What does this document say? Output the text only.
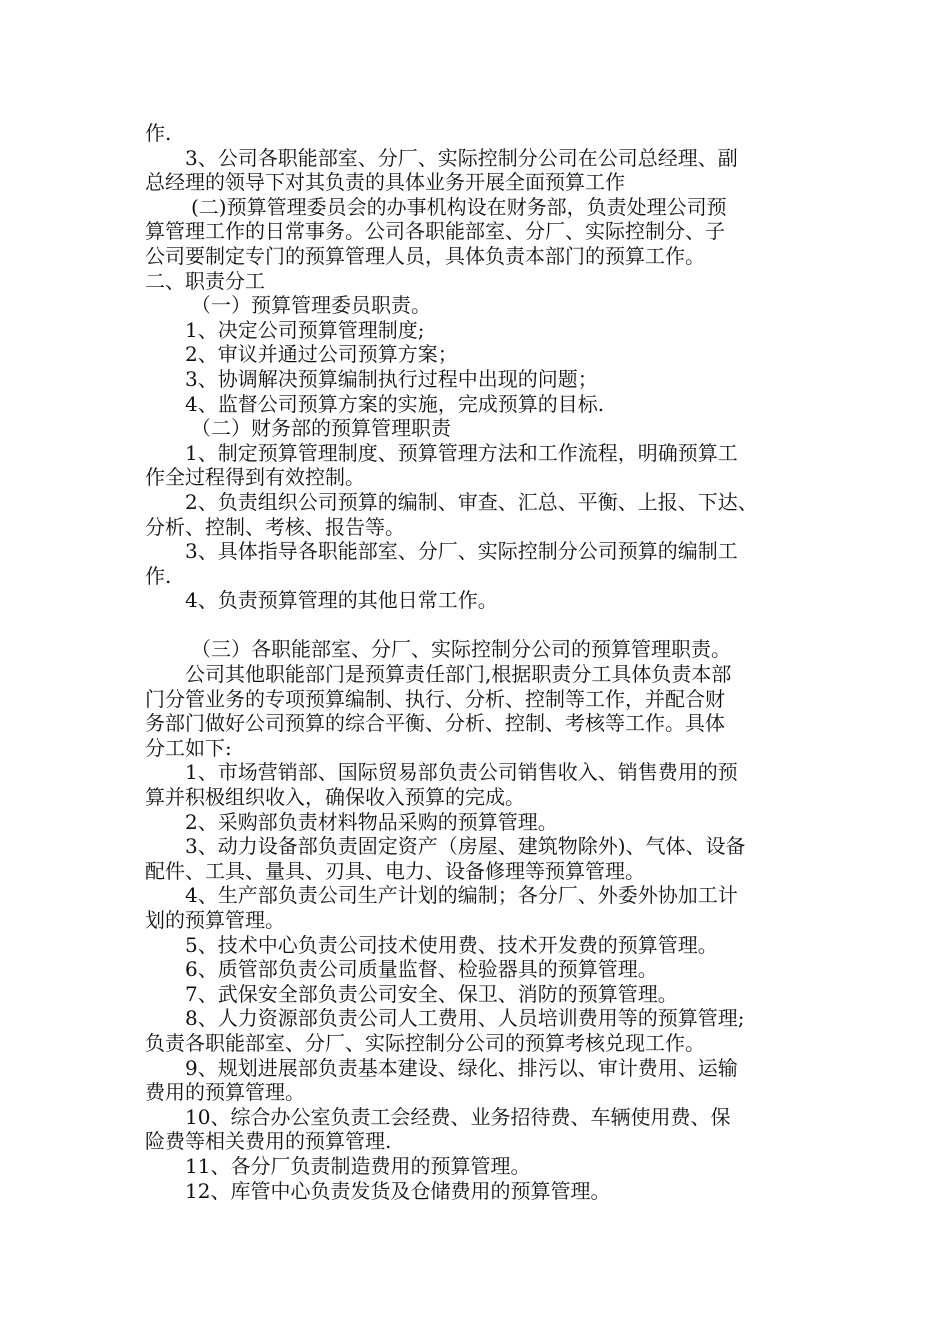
作.
3、公司各职能部室、分厂、实际控制分公司在公司总经理、副
总经理的领导下对其负责的具体业务开展全面预算工作
(二)预算管理委员会的办事机构设在财务部，负责处理公司预
算管理工作的日常事务。公司各职能部室、分厂、实际控制分、子
公司要制定专门的预算管理人员，具体负责本部门的预算工作。
二、职责分工
（一）预算管理委员职责。
1、决定公司预算管理制度;
2、审议并通过公司预算方案；
3、协调解决预算编制执行过程中出现的问题；
4、监督公司预算方案的实施，完成预算的目标.
（二）财务部的预算管理职责
1、制定预算管理制度、预算管理方法和工作流程，明确预算工
作全过程得到有效控制。
2、负责组织公司预算的编制、审查、汇总、平衡、上报、下达、
分析、控制、考核、报告等。
3、具体指导各职能部室、分厂、实际控制分公司预算的编制工
作.
4、负责预算管理的其他日常工作。
（三）各职能部室、分厂、实际控制分公司的预算管理职责。
公司其他职能部门是预算责任部门,根据职责分工具体负责本部
门分管业务的专项预算编制、执行、分析、控制等工作，并配合财
务部门做好公司预算的综合平衡、分析、控制、考核等工作。具体
分工如下:
1、市场营销部、国际贸易部负责公司销售收入、销售费用的预
算并积极组织收入，确保收入预算的完成。
2、采购部负责材料物品采购的预算管理。
3、动力设备部负责固定资产（房屋、建筑物除外)、气体、设备
配件、工具、量具、刃具、电力、设备修理等预算管理。
4、生产部负责公司生产计划的编制；各分厂、外委外协加工计
划的预算管理。
5、技术中心负责公司技术使用费、技术开发费的预算管理。
6、质管部负责公司质量监督、检验器具的预算管理。
7、武保安全部负责公司安全、保卫、消防的预算管理。
8、人力资源部负责公司人工费用、人员培训费用等的预算管理;
负责各职能部室、分厂、实际控制分公司的预算考核兑现工作。
9、规划进展部负责基本建设、绿化、排污以、审计费用、运输
费用的预算管理。
10、综合办公室负责工会经费、业务招待费、车辆使用费、保
险费等相关费用的预算管理.
11、各分厂负责制造费用的预算管理。
12、库管中心负责发货及仓储费用的预算管理。
